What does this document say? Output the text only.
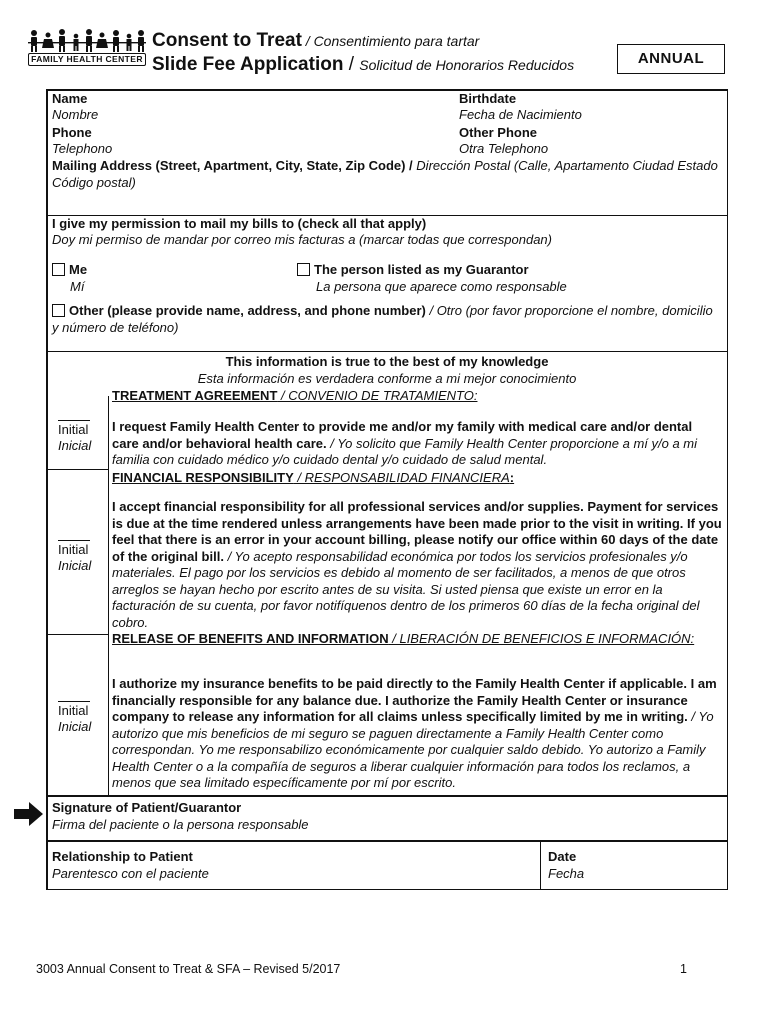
FAMILY HEALTH CENTER
Consent to Treat / Consentimiento para tartar
Slide Fee Application / Solicitud de Honorarios Reducidos	ANNUAL
Name
Nombre
Birthdate
Fecha de Nacimiento
Phone
Telephono
Other Phone
Otra Telephono
Mailing Address (Street, Apartment, City, State, Zip Code) / Dirección Postal (Calle, Apartamento Ciudad Estado Código postal)
I give my permission to mail my bills to (check all that apply)
Doy mi permiso de mandar por correo mis facturas a (marcar todas que correspondan)
Me
Mí
The person listed as my Guarantor
La persona que aparece como responsable
Other (please provide name, address, and phone number) / Otro (por favor proporcione el nombre, domicilio y número de teléfono)
This information is true to the best of my knowledge
Esta información es verdadera conforme a mi mejor conocimiento
TREATMENT AGREEMENT / CONVENIO DE TRATAMIENTO:
I request Family Health Center to provide me and/or my family with medical care and/or dental care and/or behavioral health care. / Yo solicito que Family Health Center proporcione a mí y/o a mi familia con cuidado médico y/o cuidado dental y/o cuidado de salud mental.
Initial
Inicial
FINANCIAL RESPONSIBILITY / RESPONSABILIDAD FINANCIERA:
I accept financial responsibility for all professional services and/or supplies. Payment for services is due at the time rendered unless arrangements have been made prior to the visit in writing. If you feel that there is an error in your account billing, please notify our office within 60 days of the date of the original bill. / Yo acepto responsabilidad económica por todos los servicios profesionales y/o materiales. El pago por los servicios es debido al momento de ser facilitados, a menos de que otros arreglos se hayan hecho por escrito antes de su visita. Si usted piensa que existe un error en la facturación de su cuenta, por favor notifíquenos dentro de los primeros 60 días de la fecha original del cobro.
Initial
Inicial
RELEASE OF BENEFITS AND INFORMATION / LIBERACIÓN DE BENEFICIOS E INFORMACIÓN:
I authorize my insurance benefits to be paid directly to the Family Health Center if applicable. I am financially responsible for any balance due. I authorize the Family Health Center or insurance company to release any information for all claims unless specifically limited by me in writing. / Yo autorizo que mis beneficios de mi seguro se paguen directamente a Family Health Center como correspondan. Yo me responsabilizo económicamente por cualquier saldo debido. Yo autorizo a Family Health Center o a la compañía de seguros a liberar cualquier información para todos los reclamos, a menos que sea limitado específicamente por mí por escrito.
Initial
Inicial
Signature of Patient/Guarantor
Firma del paciente o la persona responsable
Relationship to Patient
Parentesco con el paciente
Date
Fecha
3003 Annual Consent to Treat & SFA – Revised 5/2017	1
